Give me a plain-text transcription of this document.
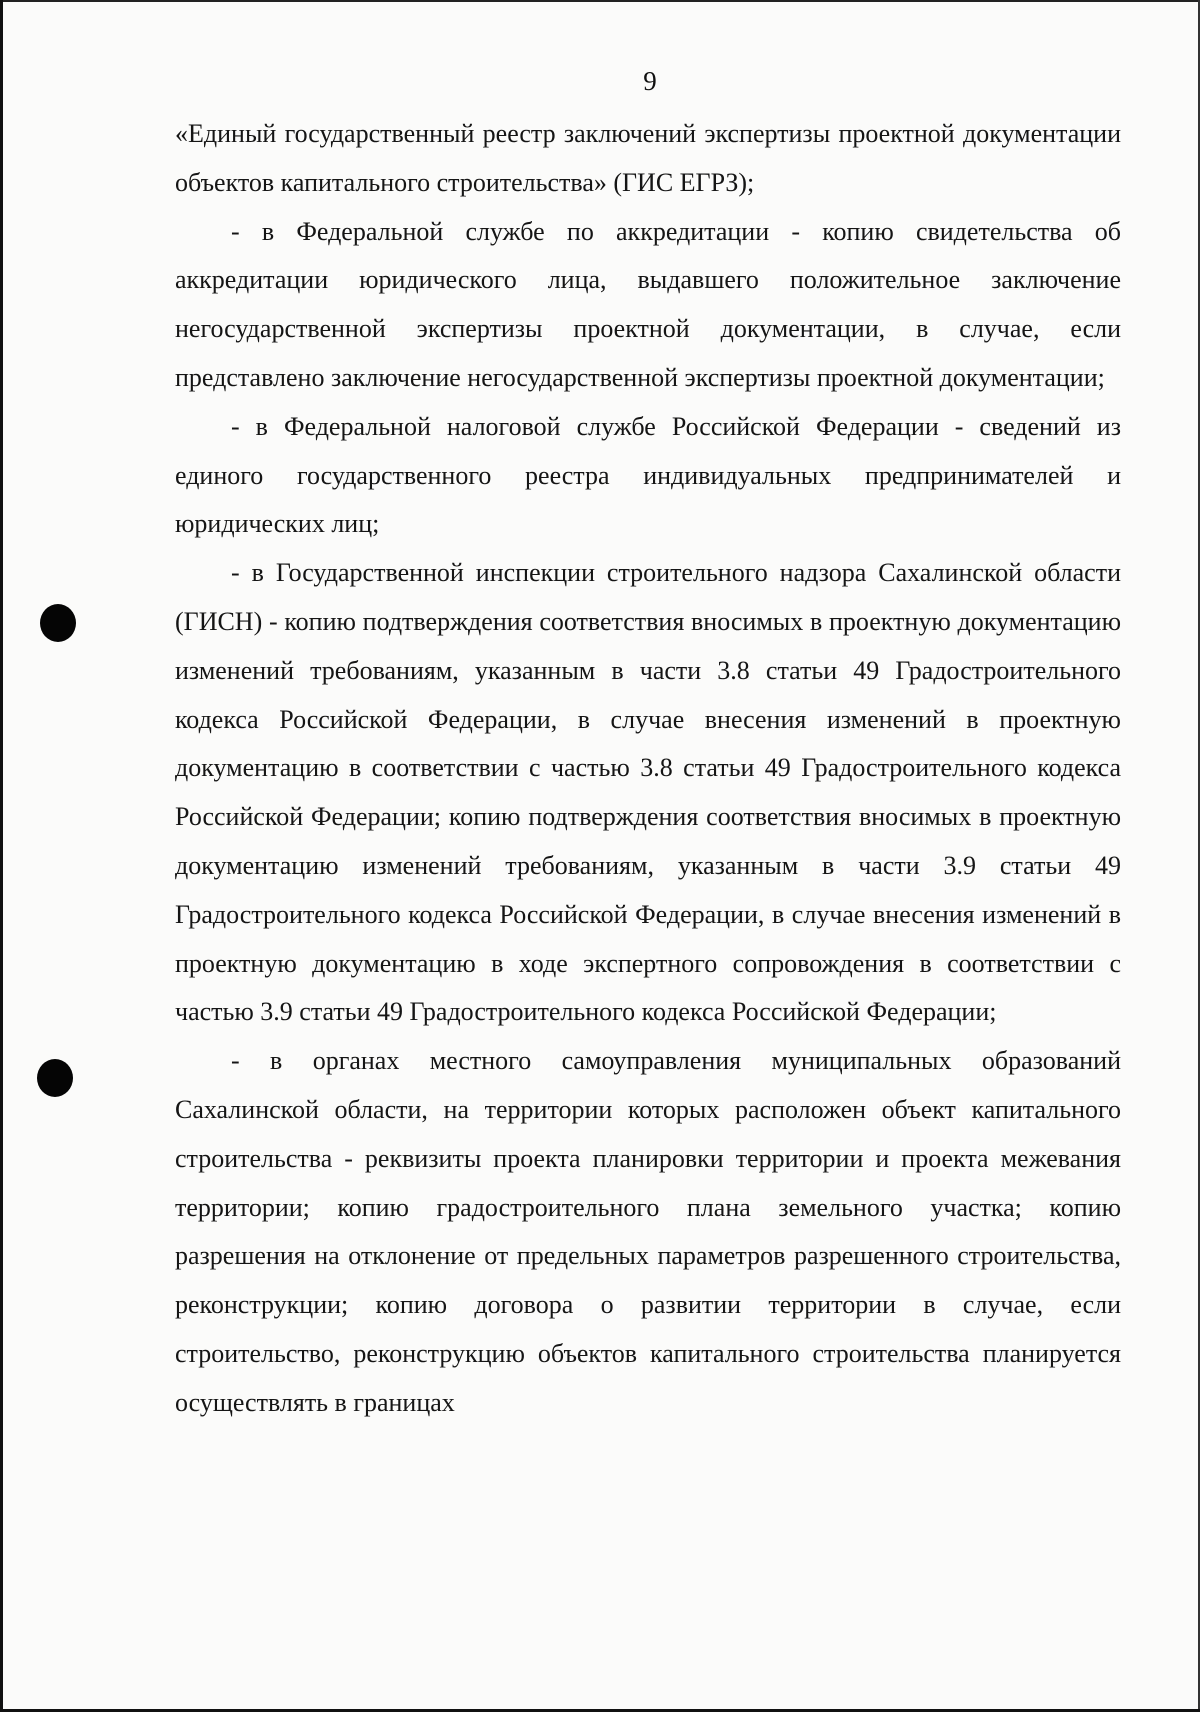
9

«Единый государственный реестр заключений экспертизы проектной документации объектов капитального строительства» (ГИС ЕГРЗ);

- в Федеральной службе по аккредитации - копию свидетельства об аккредитации юридического лица, выдавшего положительное заключение негосударственной экспертизы проектной документации, в случае, если представлено заключение негосударственной экспертизы проектной документации;

- в Федеральной налоговой службе Российской Федерации - сведений из единого государственного реестра индивидуальных предпринимателей и юридических лиц;

- в Государственной инспекции строительного надзора Сахалинской области (ГИСН) - копию подтверждения соответствия вносимых в проектную документацию изменений требованиям, указанным в части 3.8 статьи 49 Градостроительного кодекса Российской Федерации, в случае внесения изменений в проектную документацию в соответствии с частью 3.8 статьи 49 Градостроительного кодекса Российской Федерации; копию подтверждения соответствия вносимых в проектную документацию изменений требованиям, указанным в части 3.9 статьи 49 Градостроительного кодекса Российской Федерации, в случае внесения изменений в проектную документацию в ходе экспертного сопровождения в соответствии с частью 3.9 статьи 49 Градостроительного кодекса Российской Федерации;

- в органах местного самоуправления муниципальных образований Сахалинской области, на территории которых расположен объект капитального строительства - реквизиты проекта планировки территории и проекта межевания территории; копию градостроительного плана земельного участка; копию разрешения на отклонение от предельных параметров разрешенного строительства, реконструкции; копию договора о развитии территории в случае, если строительство, реконструкцию объектов капитального строительства планируется осуществлять в границах
